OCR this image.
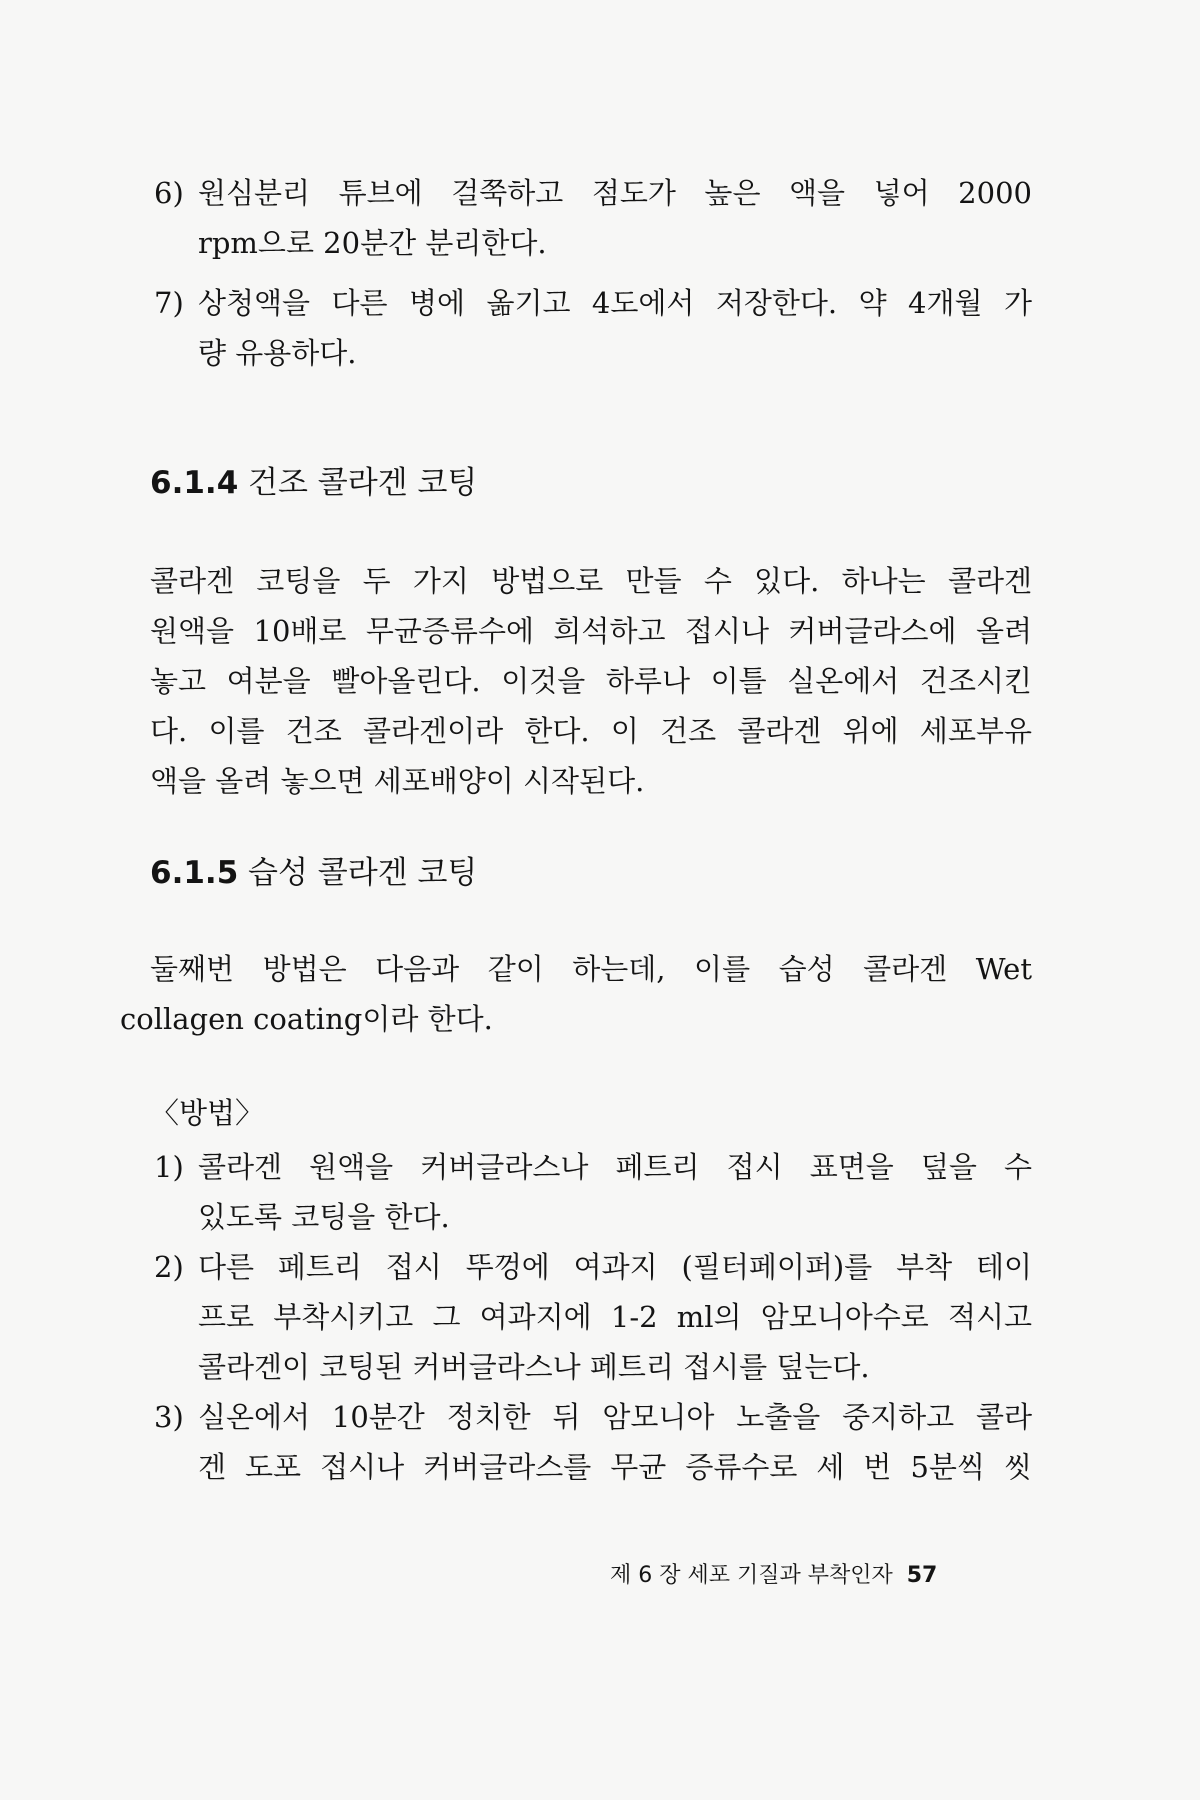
6) 원심분리 튜브에 걸쭉하고 점도가 높은 액을 넣어 2000
rpm으로 20분간 분리한다.
7) 상청액을 다른 병에 옮기고 4도에서 저장한다. 약 4개월 가
량 유용하다.
6.1.4 건조 콜라겐 코팅
콜라겐 코팅을 두 가지 방법으로 만들 수 있다. 하나는 콜라겐
원액을 10배로 무균증류수에 희석하고 접시나 커버글라스에 올려
놓고 여분을 빨아올린다. 이것을 하루나 이틀 실온에서 건조시킨
다. 이를 건조 콜라겐이라 한다. 이 건조 콜라겐 위에 세포부유
액을 올려 놓으면 세포배양이 시작된다.
6.1.5 습성 콜라겐 코팅
둘째번 방법은 다음과 같이 하는데, 이를 습성 콜라겐 Wet
collagen coating이라 한다.
〈방법〉
1) 콜라겐 원액을 커버글라스나 페트리 접시 표면을 덮을 수
있도록 코팅을 한다.
2) 다른 페트리 접시 뚜껑에 여과지 (필터페이퍼)를 부착 테이
프로 부착시키고 그 여과지에 1-2 ml의 암모니아수로 적시고
콜라겐이 코팅된 커버글라스나 페트리 접시를 덮는다.
3) 실온에서 10분간 정치한 뒤 암모니아 노출을 중지하고 콜라
겐 도포 접시나 커버글라스를 무균 증류수로 세 번 5분씩 씻
제 6 장 세포 기질과 부착인자 57
